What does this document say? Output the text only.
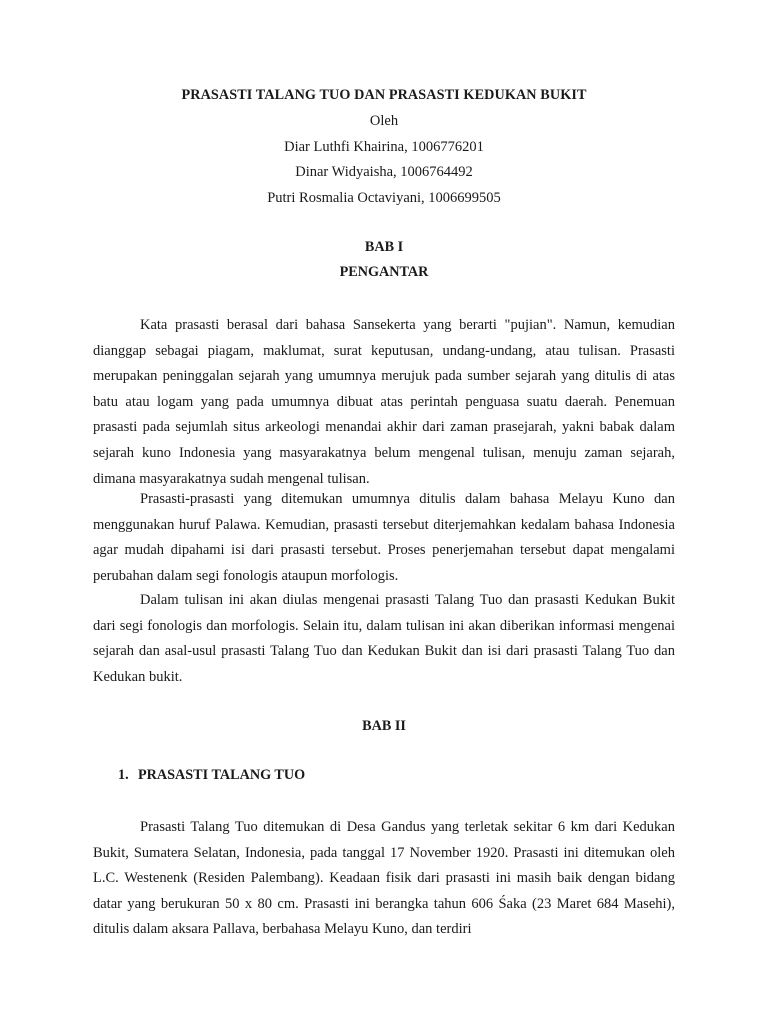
PRASASTI TALANG TUO DAN PRASASTI KEDUKAN BUKIT
Oleh
Diar Luthfi Khairina, 1006776201
Dinar Widyaisha, 1006764492
Putri Rosmalia Octaviyani, 1006699505
BAB I
PENGANTAR

Kata prasasti berasal dari bahasa Sansekerta yang berarti "pujian". Namun, kemudian dianggap sebagai piagam, maklumat, surat keputusan, undang-undang, atau tulisan. Prasasti merupakan peninggalan sejarah yang umumnya merujuk pada sumber sejarah yang ditulis di atas batu atau logam yang pada umumnya dibuat atas perintah penguasa suatu daerah. Penemuan prasasti pada sejumlah situs arkeologi menandai akhir dari zaman prasejarah, yakni babak dalam sejarah kuno Indonesia yang masyarakatnya belum mengenal tulisan, menuju zaman sejarah, dimana masyarakatnya sudah mengenal tulisan.

Prasasti-prasasti yang ditemukan umumnya ditulis dalam bahasa Melayu Kuno dan menggunakan huruf Palawa. Kemudian, prasasti tersebut diterjemahkan kedalam bahasa Indonesia agar mudah dipahami isi dari prasasti tersebut. Proses penerjemahan tersebut dapat mengalami perubahan dalam segi fonologis ataupun morfologis.

Dalam tulisan ini akan diulas mengenai prasasti Talang Tuo dan prasasti Kedukan Bukit dari segi fonologis dan morfologis. Selain itu, dalam tulisan ini akan diberikan informasi mengenai sejarah dan asal-usul prasasti Talang Tuo dan Kedukan Bukit dan isi dari prasasti Talang Tuo dan Kedukan bukit.

BAB II
1. PRASASTI TALANG TUO

Prasasti Talang Tuo ditemukan di Desa Gandus yang terletak sekitar 6 km dari Kedukan Bukit, Sumatera Selatan, Indonesia, pada tanggal 17 November 1920. Prasasti ini ditemukan oleh L.C. Westenenk (Residen Palembang). Keadaan fisik dari prasasti ini masih baik dengan bidang datar yang berukuran 50 x 80 cm. Prasasti ini berangka tahun 606 Śaka (23 Maret 684 Masehi), ditulis dalam aksara Pallava, berbahasa Melayu Kuno, dan terdiri
